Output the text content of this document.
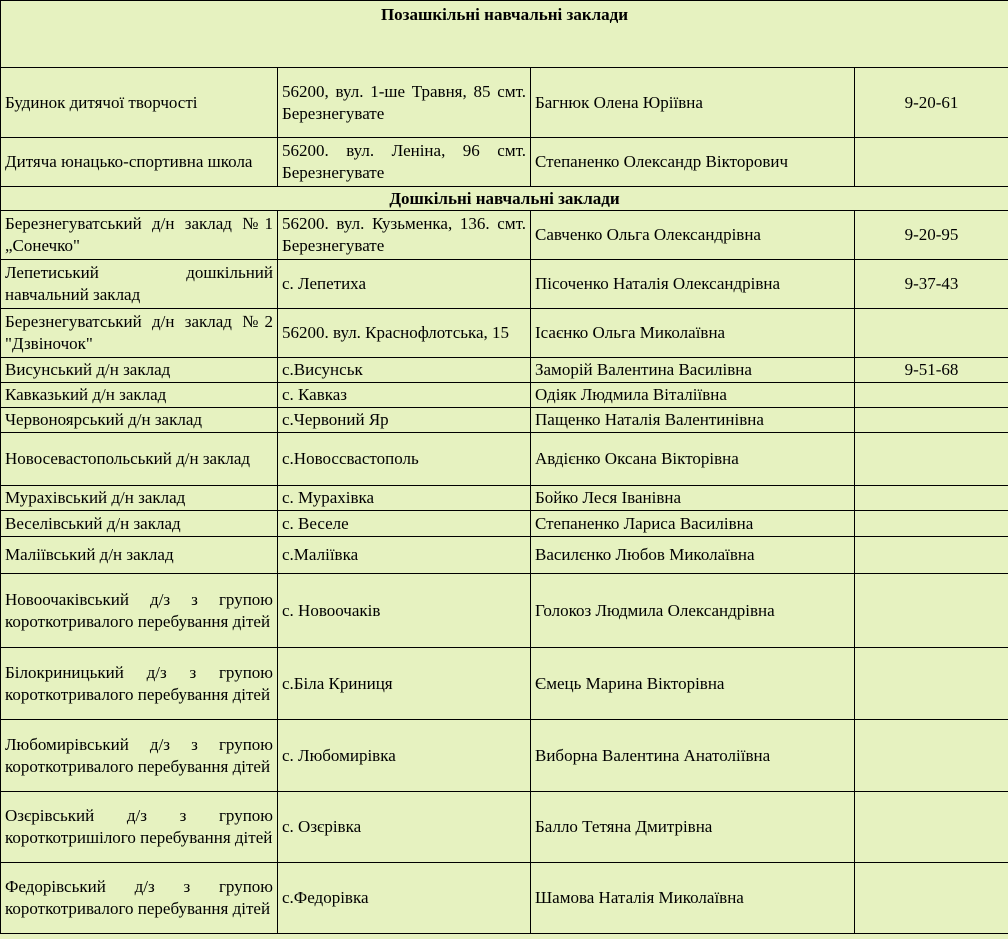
Позашкільні навчальні заклади			
Будинок дитячої творчості	56200, вул. 1-ше Травня, 85 смт. Березнегувате	Багнюк Олена Юріївна	9-20-61
Дитяча юнацько-спортивна школа	56200. вул. Леніна, 96 смт. Березнегувате	Степаненко Олександр Вікторович	
Дошкільні навчальні заклади			
Березнегуватський д/н заклад №1 „Сонечко"	56200. вул. Кузьменка, 136. смт. Березнегувате	Савченко Ольга Олександрівна	9-20-95
Лепетиський дошкільний навчальний заклад	с. Лепетиха	Пісоченко Наталія Олександрівна	9-37-43
Березнегуватський д/н заклад №2 "Дзвіночок"	56200. вул. Краснофлотська, 15	Ісаєнко Ольга Миколаївна	
Висунський д/н заклад	с.Висунськ	Заморій Валентина Василівна	9-51-68
Кавказький д/н заклад	с. Кавказ	Одіяк Людмила Віталіївна	
Червоноярський д/н заклад	с.Червоний Яр	Пащенко Наталія Валентинівна	
Новосевастопольський д/н заклад	с.Новоссвастополь	Авдієнко Оксана Вікторівна	
Мурахівський д/н заклад	с. Мурахівка	Бойко Леся Іванівна	
Веселівський д/н заклад	с. Веселе	Степаненко Лариса Василівна	
Маліївський д/н заклад	с.Маліївка	Василєнко Любов Миколаївна	
Новоочаківський д/з з групою короткотривалого перебування дітей	с. Новоочаків	Голокоз Людмила Олександрівна	
Білокриницький д/з з групою короткотривалого перебування дітей	с.Біла Криниця	Ємець Марина Вікторівна	
Любомирівський д/з з групою короткотривалого перебування дітей	с. Любомирівка	Виборна Валентина Анатоліївна	
Озєрівський д/з з групою короткотришілого перебування дітей	с. Озєрівка	Балло Тетяна Дмитрівна	
Федорівський д/з з групою короткотривалого перебування дітей	с.Федорівка	Шамова Наталія Миколаївна	
